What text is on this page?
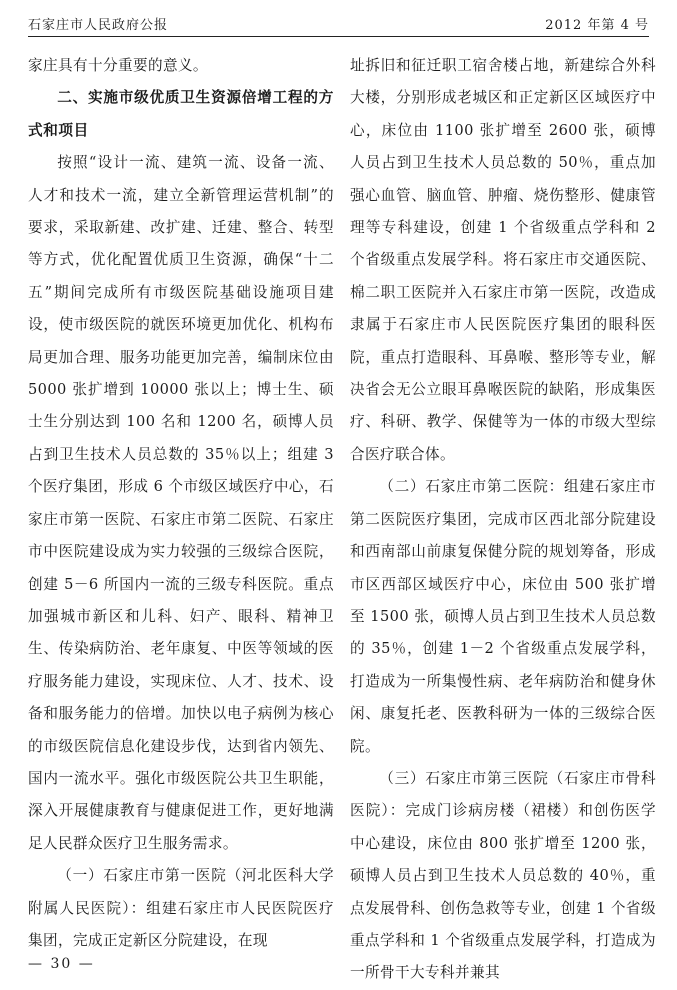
石家庄市人民政府公报	2012 年第 4 号

家庄具有十分重要的意义。

二、实施市级优质卫生资源倍增工程的方式和项目

按照“设计一流、建筑一流、设备一流、人才和技术一流，建立全新管理运营机制”的要求，采取新建、改扩建、迁建、整合、转型等方式，优化配置优质卫生资源，确保“十二五”期间完成所有市级医院基础设施项目建设，使市级医院的就医环境更加优化、机构布局更加合理、服务功能更加完善，编制床位由 5000 张扩增到 10000 张以上；博士生、硕士生分别达到 100 名和 1200 名，硕博人员占到卫生技术人员总数的 35％以上；组建 3 个医疗集团，形成 6 个市级区域医疗中心，石家庄市第一医院、石家庄市第二医院、石家庄市中医院建设成为实力较强的三级综合医院，创建 5－6 所国内一流的三级专科医院。重点加强城市新区和儿科、妇产、眼科、精神卫生、传染病防治、老年康复、中医等领域的医疗服务能力建设，实现床位、人才、技术、设备和服务能力的倍增。加快以电子病例为核心的市级医院信息化建设步伐，达到省内领先、国内一流水平。强化市级医院公共卫生职能，深入开展健康教育与健康促进工作，更好地满足人民群众医疗卫生服务需求。

（一）石家庄市第一医院（河北医科大学附属人民医院）：组建石家庄市人民医院医疗集团，完成正定新区分院建设，在现

址拆旧和征迁职工宿舍楼占地，新建综合外科大楼，分别形成老城区和正定新区区域医疗中心，床位由 1100 张扩增至 2600 张，硕博人员占到卫生技术人员总数的 50％，重点加强心血管、脑血管、肿瘤、烧伤整形、健康管理等专科建设，创建 1 个省级重点学科和 2 个省级重点发展学科。将石家庄市交通医院、棉二职工医院并入石家庄市第一医院，改造成隶属于石家庄市人民医院医疗集团的眼科医院，重点打造眼科、耳鼻喉、整形等专业，解决省会无公立眼耳鼻喉医院的缺陷，形成集医疗、科研、教学、保健等为一体的市级大型综合医疗联合体。

（二）石家庄市第二医院：组建石家庄市第二医院医疗集团，完成市区西北部分院建设和西南部山前康复保健分院的规划筹备，形成市区西部区域医疗中心，床位由 500 张扩增至 1500 张，硕博人员占到卫生技术人员总数的 35％，创建 1－2 个省级重点发展学科，打造成为一所集慢性病、老年病防治和健身休闲、康复托老、医教科研为一体的三级综合医院。

（三）石家庄市第三医院（石家庄市骨科医院）：完成门诊病房楼（裙楼）和创伤医学中心建设，床位由 800 张扩增至 1200 张，硕博人员占到卫生技术人员总数的 40％，重点发展骨科、创伤急救等专业，创建 1 个省级重点学科和 1 个省级重点发展学科，打造成为一所骨干大专科并兼其

— 30 —
